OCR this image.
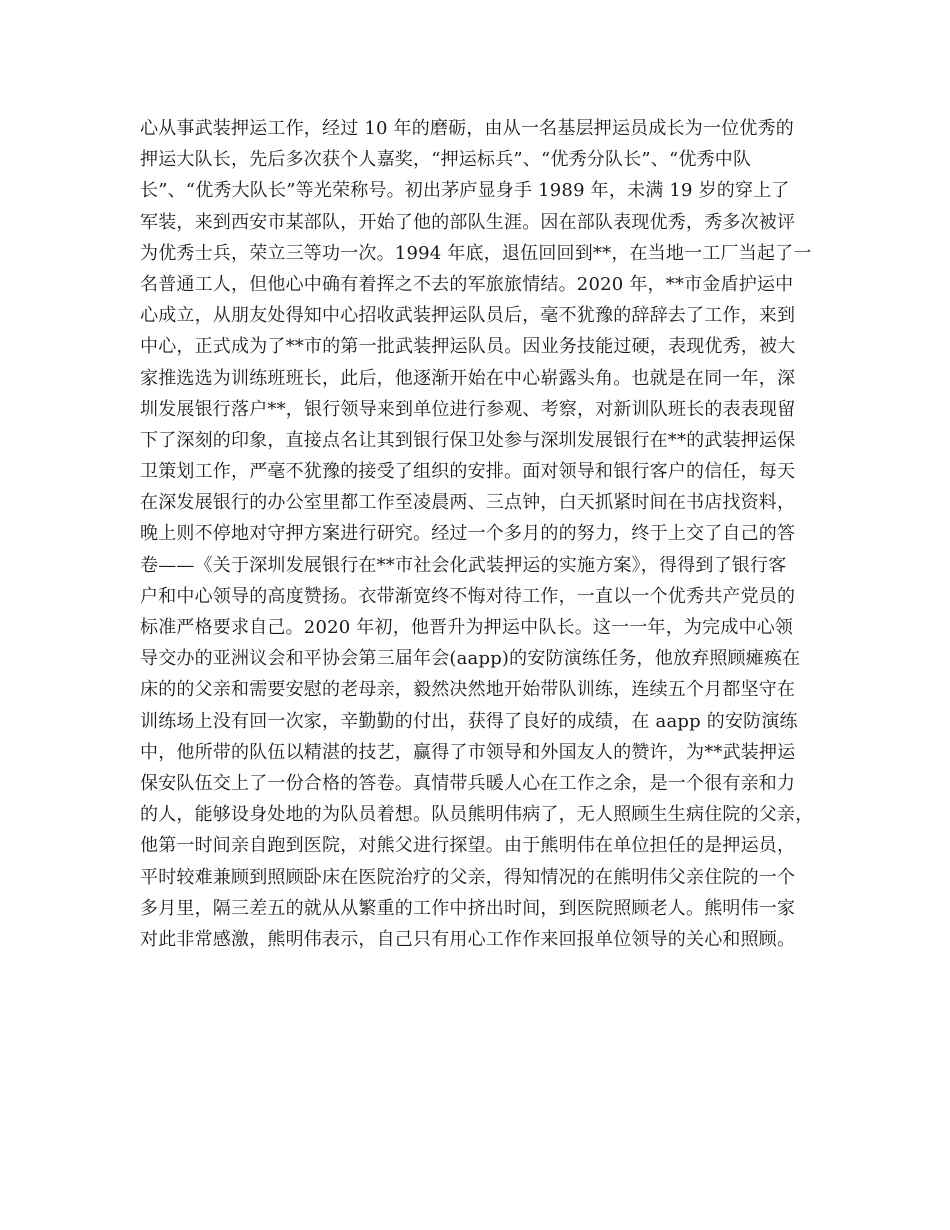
心从事武装押运工作，经过 10 年的磨砺，由从一名基层押运员成长为一位优秀的
押运大队长，先后多次获个人嘉奖，“押运标兵”、“优秀分队长”、“优秀中队
长”、“优秀大队长”等光荣称号。初出茅庐显身手 1989 年，未满 19 岁的穿上了
军装，来到西安市某部队，开始了他的部队生涯。因在部队表现优秀，秀多次被评
为优秀士兵，荣立三等功一次。1994 年底，退伍回回到**，在当地一工厂当起了一
名普通工人，但他心中确有着挥之不去的军旅旅情结。2020 年，**市金盾护运中
心成立，从朋友处得知中心招收武装押运队员后，毫不犹豫的辞辞去了工作，来到
中心，正式成为了**市的第一批武装押运队员。因业务技能过硬，表现优秀，被大
家推选选为训练班班长，此后，他逐渐开始在中心崭露头角。也就是在同一年，深
圳发展银行落户**，银行领导来到单位进行参观、考察，对新训队班长的表表现留
下了深刻的印象，直接点名让其到银行保卫处参与深圳发展银行在**的武装押运保
卫策划工作，严毫不犹豫的接受了组织的安排。面对领导和银行客户的信任，每天
在深发展银行的办公室里都工作至凌晨两、三点钟，白天抓紧时间在书店找资料，
晚上则不停地对守押方案进行研究。经过一个多月的的努力，终于上交了自己的答
卷——《关于深圳发展银行在**市社会化武装押运的实施方案》，得得到了银行客
户和中心领导的高度赞扬。衣带渐宽终不悔对待工作，一直以一个优秀共产党员的
标准严格要求自己。2020 年初，他晋升为押运中队长。这一一年，为完成中心领
导交办的亚洲议会和平协会第三届年会(aapp)的安防演练任务，他放弃照顾瘫痪在
床的的父亲和需要安慰的老母亲，毅然决然地开始带队训练，连续五个月都坚守在
训练场上没有回一次家，辛勤勤的付出，获得了良好的成绩，在 aapp 的安防演练
中，他所带的队伍以精湛的技艺，赢得了市领导和外国友人的赞许，为**武装押运
保安队伍交上了一份合格的答卷。真情带兵暖人心在工作之余，是一个很有亲和力
的人，能够设身处地的为队员着想。队员熊明伟病了，无人照顾生生病住院的父亲，
他第一时间亲自跑到医院，对熊父进行探望。由于熊明伟在单位担任的是押运员，
平时较难兼顾到照顾卧床在医院治疗的父亲，得知情况的在熊明伟父亲住院的一个
多月里，隔三差五的就从从繁重的工作中挤出时间，到医院照顾老人。熊明伟一家
对此非常感激，熊明伟表示，自己只有用心工作作来回报单位领导的关心和照顾。
